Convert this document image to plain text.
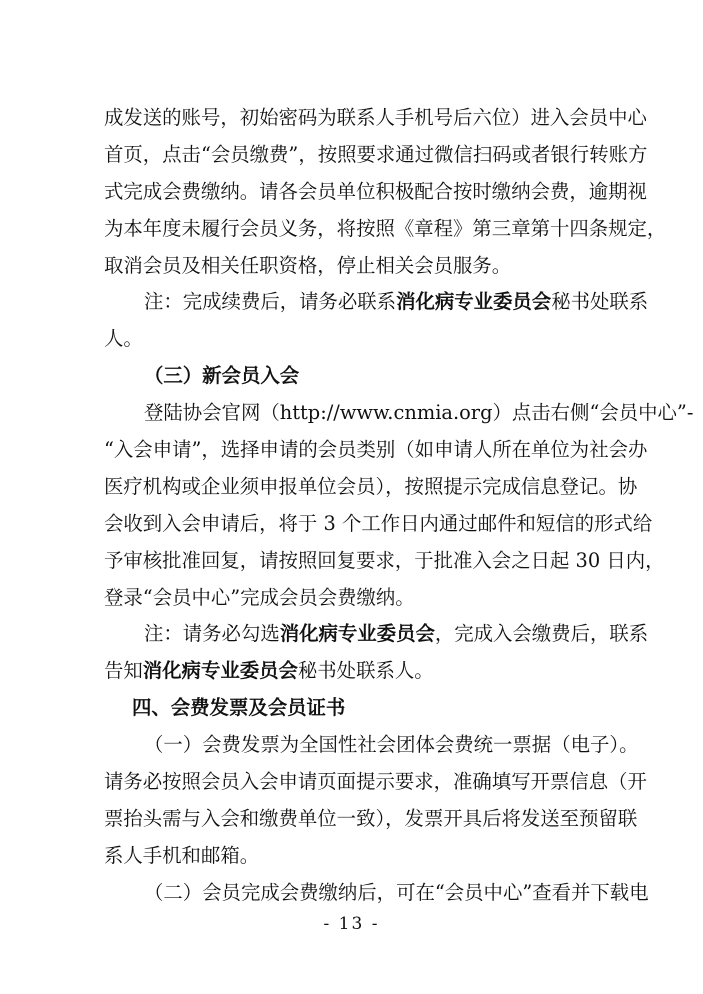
成发送的账号，初始密码为联系人手机号后六位）进入会员中心
首页，点击“会员缴费”，按照要求通过微信扫码或者银行转账方
式完成会费缴纳。请各会员单位积极配合按时缴纳会费，逾期视
为本年度未履行会员义务，将按照《章程》第三章第十四条规定，
取消会员及相关任职资格，停止相关会员服务。
注：完成续费后，请务必联系消化病专业委员会秘书处联系
人。
（三）新会员入会
登陆协会官网（http://www.cnmia.org）点击右侧“会员中心”-
“入会申请”，选择申请的会员类别（如申请人所在单位为社会办
医疗机构或企业须申报单位会员），按照提示完成信息登记。协
会收到入会申请后，将于 3 个工作日内通过邮件和短信的形式给
予审核批准回复，请按照回复要求，于批准入会之日起 30 日内，
登录“会员中心”完成会员会费缴纳。
注：请务必勾选消化病专业委员会，完成入会缴费后，联系
告知消化病专业委员会秘书处联系人。
四、会费发票及会员证书
（一）会费发票为全国性社会团体会费统一票据（电子）。
请务必按照会员入会申请页面提示要求，准确填写开票信息（开
票抬头需与入会和缴费单位一致），发票开具后将发送至预留联
系人手机和邮箱。
（二）会员完成会费缴纳后，可在“会员中心”查看并下载电
- 13 -
